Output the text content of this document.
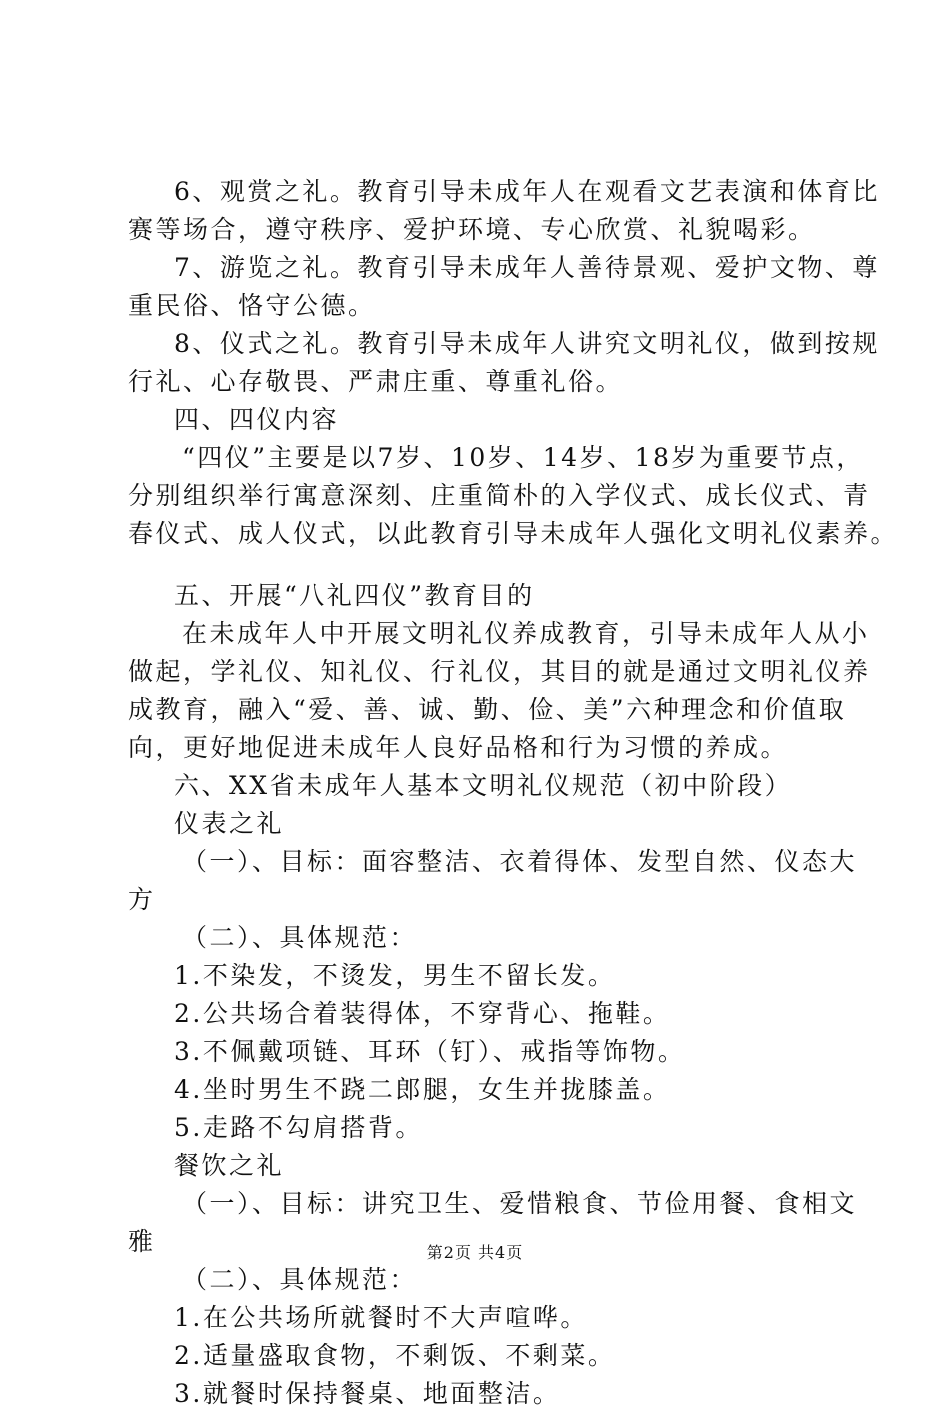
6、观赏之礼。教育引导未成年人在观看文艺表演和体育比
赛等场合，遵守秩序、爱护环境、专心欣赏、礼貌喝彩。
7、游览之礼。教育引导未成年人善待景观、爱护文物、尊
重民俗、恪守公德。
8、仪式之礼。教育引导未成年人讲究文明礼仪，做到按规
行礼、心存敬畏、严肃庄重、尊重礼俗。
四、四仪内容
“四仪”主要是以7岁、10岁、14岁、18岁为重要节点，
分别组织举行寓意深刻、庄重简朴的入学仪式、成长仪式、青
春仪式、成人仪式，以此教育引导未成年人强化文明礼仪素养。
五、开展“八礼四仪”教育目的
在未成年人中开展文明礼仪养成教育，引导未成年人从小
做起，学礼仪、知礼仪、行礼仪，其目的就是通过文明礼仪养
成教育，融入“爱、善、诚、勤、俭、美”六种理念和价值取
向，更好地促进未成年人良好品格和行为习惯的养成。
六、XX省未成年人基本文明礼仪规范（初中阶段）
仪表之礼
（一）、目标：面容整洁、衣着得体、发型自然、仪态大
方
（二）、具体规范：
1.不染发，不烫发，男生不留长发。
2.公共场合着装得体，不穿背心、拖鞋。
3.不佩戴项链、耳环（钉）、戒指等饰物。
4.坐时男生不跷二郎腿，女生并拢膝盖。
5.走路不勾肩搭背。
餐饮之礼
（一）、目标：讲究卫生、爱惜粮食、节俭用餐、食相文
雅
（二）、具体规范：
1.在公共场所就餐时不大声喧哗。
2.适量盛取食物，不剩饭、不剩菜。
3.就餐时保持餐桌、地面整洁。
第2页 共4页
